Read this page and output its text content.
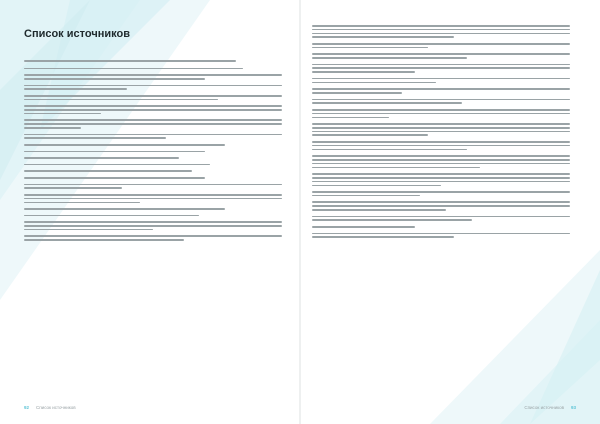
Список источников
92 Список источников	Список источников 93
